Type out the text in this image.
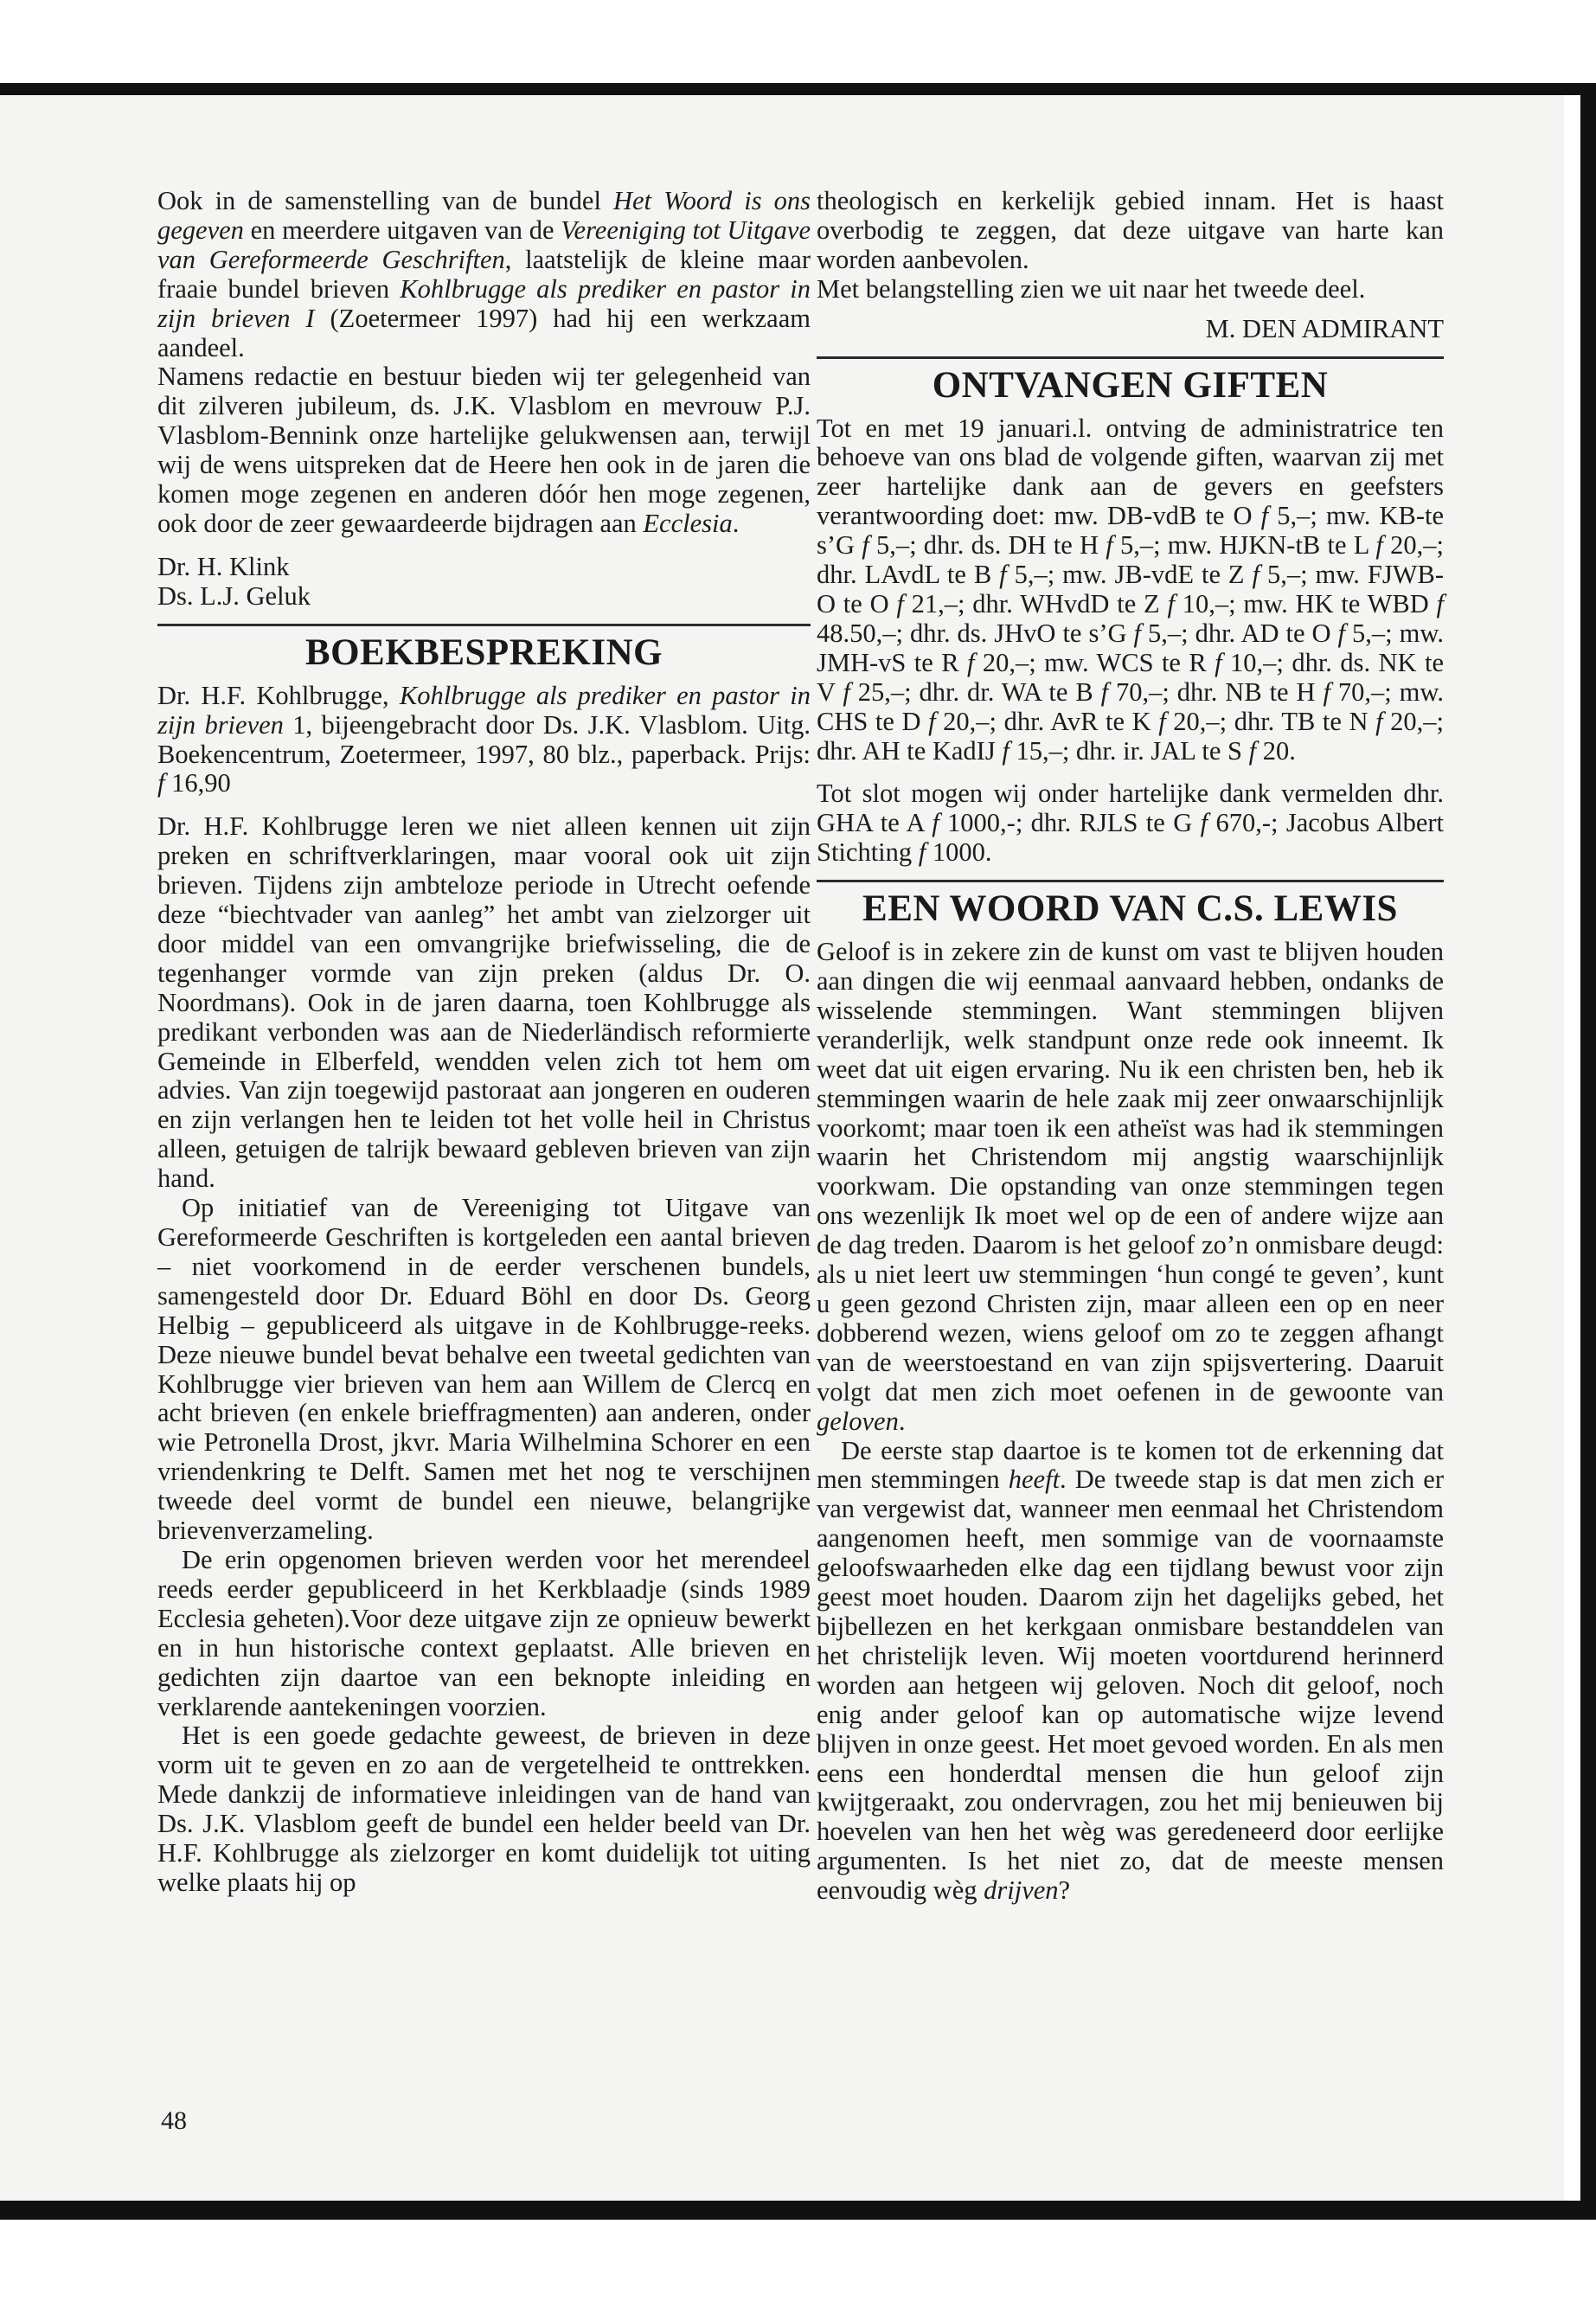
Ook in de samenstelling van de bundel Het Woord is ons gegeven en meerdere uitgaven van de Vereeniging tot Uitgave van Gereformeerde Geschriften, laatstelijk de kleine maar fraaie bundel brieven Kohlbrugge als prediker en pastor in zijn brieven I (Zoetermeer 1997) had hij een werkzaam aandeel.

Namens redactie en bestuur bieden wij ter gelegenheid van dit zilveren jubileum, ds. J.K. Vlasblom en mevrouw P.J. Vlasblom-Bennink onze hartelijke gelukwensen aan, terwijl wij de wens uitspreken dat de Heere hen ook in de jaren die komen moge zegenen en anderen dóór hen moge zegenen, ook door de zeer gewaardeerde bijdragen aan Ecclesia.

Dr. H. Klink

Ds. L.J. Geluk

BOEKBESPREKING

Dr. H.F. Kohlbrugge, Kohlbrugge als prediker en pastor in zijn brieven 1, bijeengebracht door Ds. J.K. Vlasblom. Uitg. Boekencentrum, Zoetermeer, 1997, 80 blz., paperback. Prijs: f 16,90

Dr. H.F. Kohlbrugge leren we niet alleen kennen uit zijn preken en schriftverklaringen, maar vooral ook uit zijn brieven. Tijdens zijn ambteloze periode in Utrecht oefende deze “biechtvader van aanleg” het ambt van zielzorger uit door middel van een omvangrijke briefwisseling, die de tegenhanger vormde van zijn preken (aldus Dr. O. Noordmans). Ook in de jaren daarna, toen Kohlbrugge als predikant verbonden was aan de Niederländisch reformierte Gemeinde in Elberfeld, wendden velen zich tot hem om advies. Van zijn toegewijd pastoraat aan jongeren en ouderen en zijn verlangen hen te leiden tot het volle heil in Christus alleen, getuigen de talrijk bewaard gebleven brieven van zijn hand.

Op initiatief van de Vereeniging tot Uitgave van Gereformeerde Geschriften is kortgeleden een aantal brieven – niet voorkomend in de eerder verschenen bundels, samengesteld door Dr. Eduard Böhl en door Ds. Georg Helbig – gepubliceerd als uitgave in de Kohlbrugge-reeks. Deze nieuwe bundel bevat behalve een tweetal gedichten van Kohlbrugge vier brieven van hem aan Willem de Clercq en acht brieven (en enkele brieffragmenten) aan anderen, onder wie Petronella Drost, jkvr. Maria Wilhelmina Schorer en een vriendenkring te Delft. Samen met het nog te verschijnen tweede deel vormt de bundel een nieuwe, belangrijke brievenverzameling.

De erin opgenomen brieven werden voor het merendeel reeds eerder gepubliceerd in het Kerkblaadje (sinds 1989 Ecclesia geheten).Voor deze uitgave zijn ze opnieuw bewerkt en in hun historische context geplaatst. Alle brieven en gedichten zijn daartoe van een beknopte inleiding en verklarende aantekeningen voorzien.

Het is een goede gedachte geweest, de brieven in deze vorm uit te geven en zo aan de vergetelheid te onttrekken. Mede dankzij de informatieve inleidingen van de hand van Ds. J.K. Vlasblom geeft de bundel een helder beeld van Dr. H.F. Kohlbrugge als zielzorger en komt duidelijk tot uiting welke plaats hij op

theologisch en kerkelijk gebied innam. Het is haast overbodig te zeggen, dat deze uitgave van harte kan worden aanbevolen.

Met belangstelling zien we uit naar het tweede deel.

M. DEN ADMIRANT

ONTVANGEN GIFTEN

Tot en met 19 januari.l. ontving de administratrice ten behoeve van ons blad de volgende giften, waarvan zij met zeer hartelijke dank aan de gevers en geefsters verantwoording doet: mw. DB-vdB te O f 5,–; mw. KB-te s’G f 5,–; dhr. ds. DH te H f 5,–; mw. HJKN-tB te L f 20,–; dhr. LAvdL te B f 5,–; mw. JB-vdE te Z f 5,–; mw. FJWB-O te O f 21,–; dhr. WHvdD te Z f 10,–; mw. HK te WBD f 48.50,–; dhr. ds. JHvO te s’G f 5,–; dhr. AD te O f 5,–; mw. JMH-vS te R f 20,–; mw. WCS te R f 10,–; dhr. ds. NK te V f 25,–; dhr. dr. WA te B f 70,–; dhr. NB te H f 70,–; mw. CHS te D f 20,–; dhr. AvR te K f 20,–; dhr. TB te N f 20,–; dhr. AH te KadIJ f 15,–; dhr. ir. JAL te S f 20.

Tot slot mogen wij onder hartelijke dank vermelden dhr. GHA te A f 1000,-; dhr. RJLS te G f 670,-; Jacobus Albert Stichting f 1000.

EEN WOORD VAN C.S. LEWIS

Geloof is in zekere zin de kunst om vast te blijven houden aan dingen die wij eenmaal aanvaard hebben, ondanks de wisselende stemmingen. Want stemmingen blijven veranderlijk, welk standpunt onze rede ook inneemt. Ik weet dat uit eigen ervaring. Nu ik een christen ben, heb ik stemmingen waarin de hele zaak mij zeer onwaarschijnlijk voorkomt; maar toen ik een atheïst was had ik stemmingen waarin het Christendom mij angstig waarschijnlijk voorkwam. Die opstanding van onze stemmingen tegen ons wezenlijk Ik moet wel op de een of andere wijze aan de dag treden. Daarom is het geloof zo’n onmisbare deugd: als u niet leert uw stemmingen ‘hun congé te geven’, kunt u geen gezond Christen zijn, maar alleen een op en neer dobberend wezen, wiens geloof om zo te zeggen afhangt van de weerstoestand en van zijn spijsvertering. Daaruit volgt dat men zich moet oefenen in de gewoonte van geloven.

De eerste stap daartoe is te komen tot de erkenning dat men stemmingen heeft. De tweede stap is dat men zich er van vergewist dat, wanneer men eenmaal het Christendom aangenomen heeft, men sommige van de voornaamste geloofswaarheden elke dag een tijdlang bewust voor zijn geest moet houden. Daarom zijn het dagelijks gebed, het bijbellezen en het kerkgaan onmisbare bestanddelen van het christelijk leven. Wij moeten voortdurend herinnerd worden aan hetgeen wij geloven. Noch dit geloof, noch enig ander geloof kan op automatische wijze levend blijven in onze geest. Het moet gevoed worden. En als men eens een honderdtal mensen die hun geloof zijn kwijtgeraakt, zou ondervragen, zou het mij benieuwen bij hoevelen van hen het wèg was geredeneerd door eerlijke argumenten. Is het niet zo, dat de meeste mensen eenvoudig wèg drijven?

48
